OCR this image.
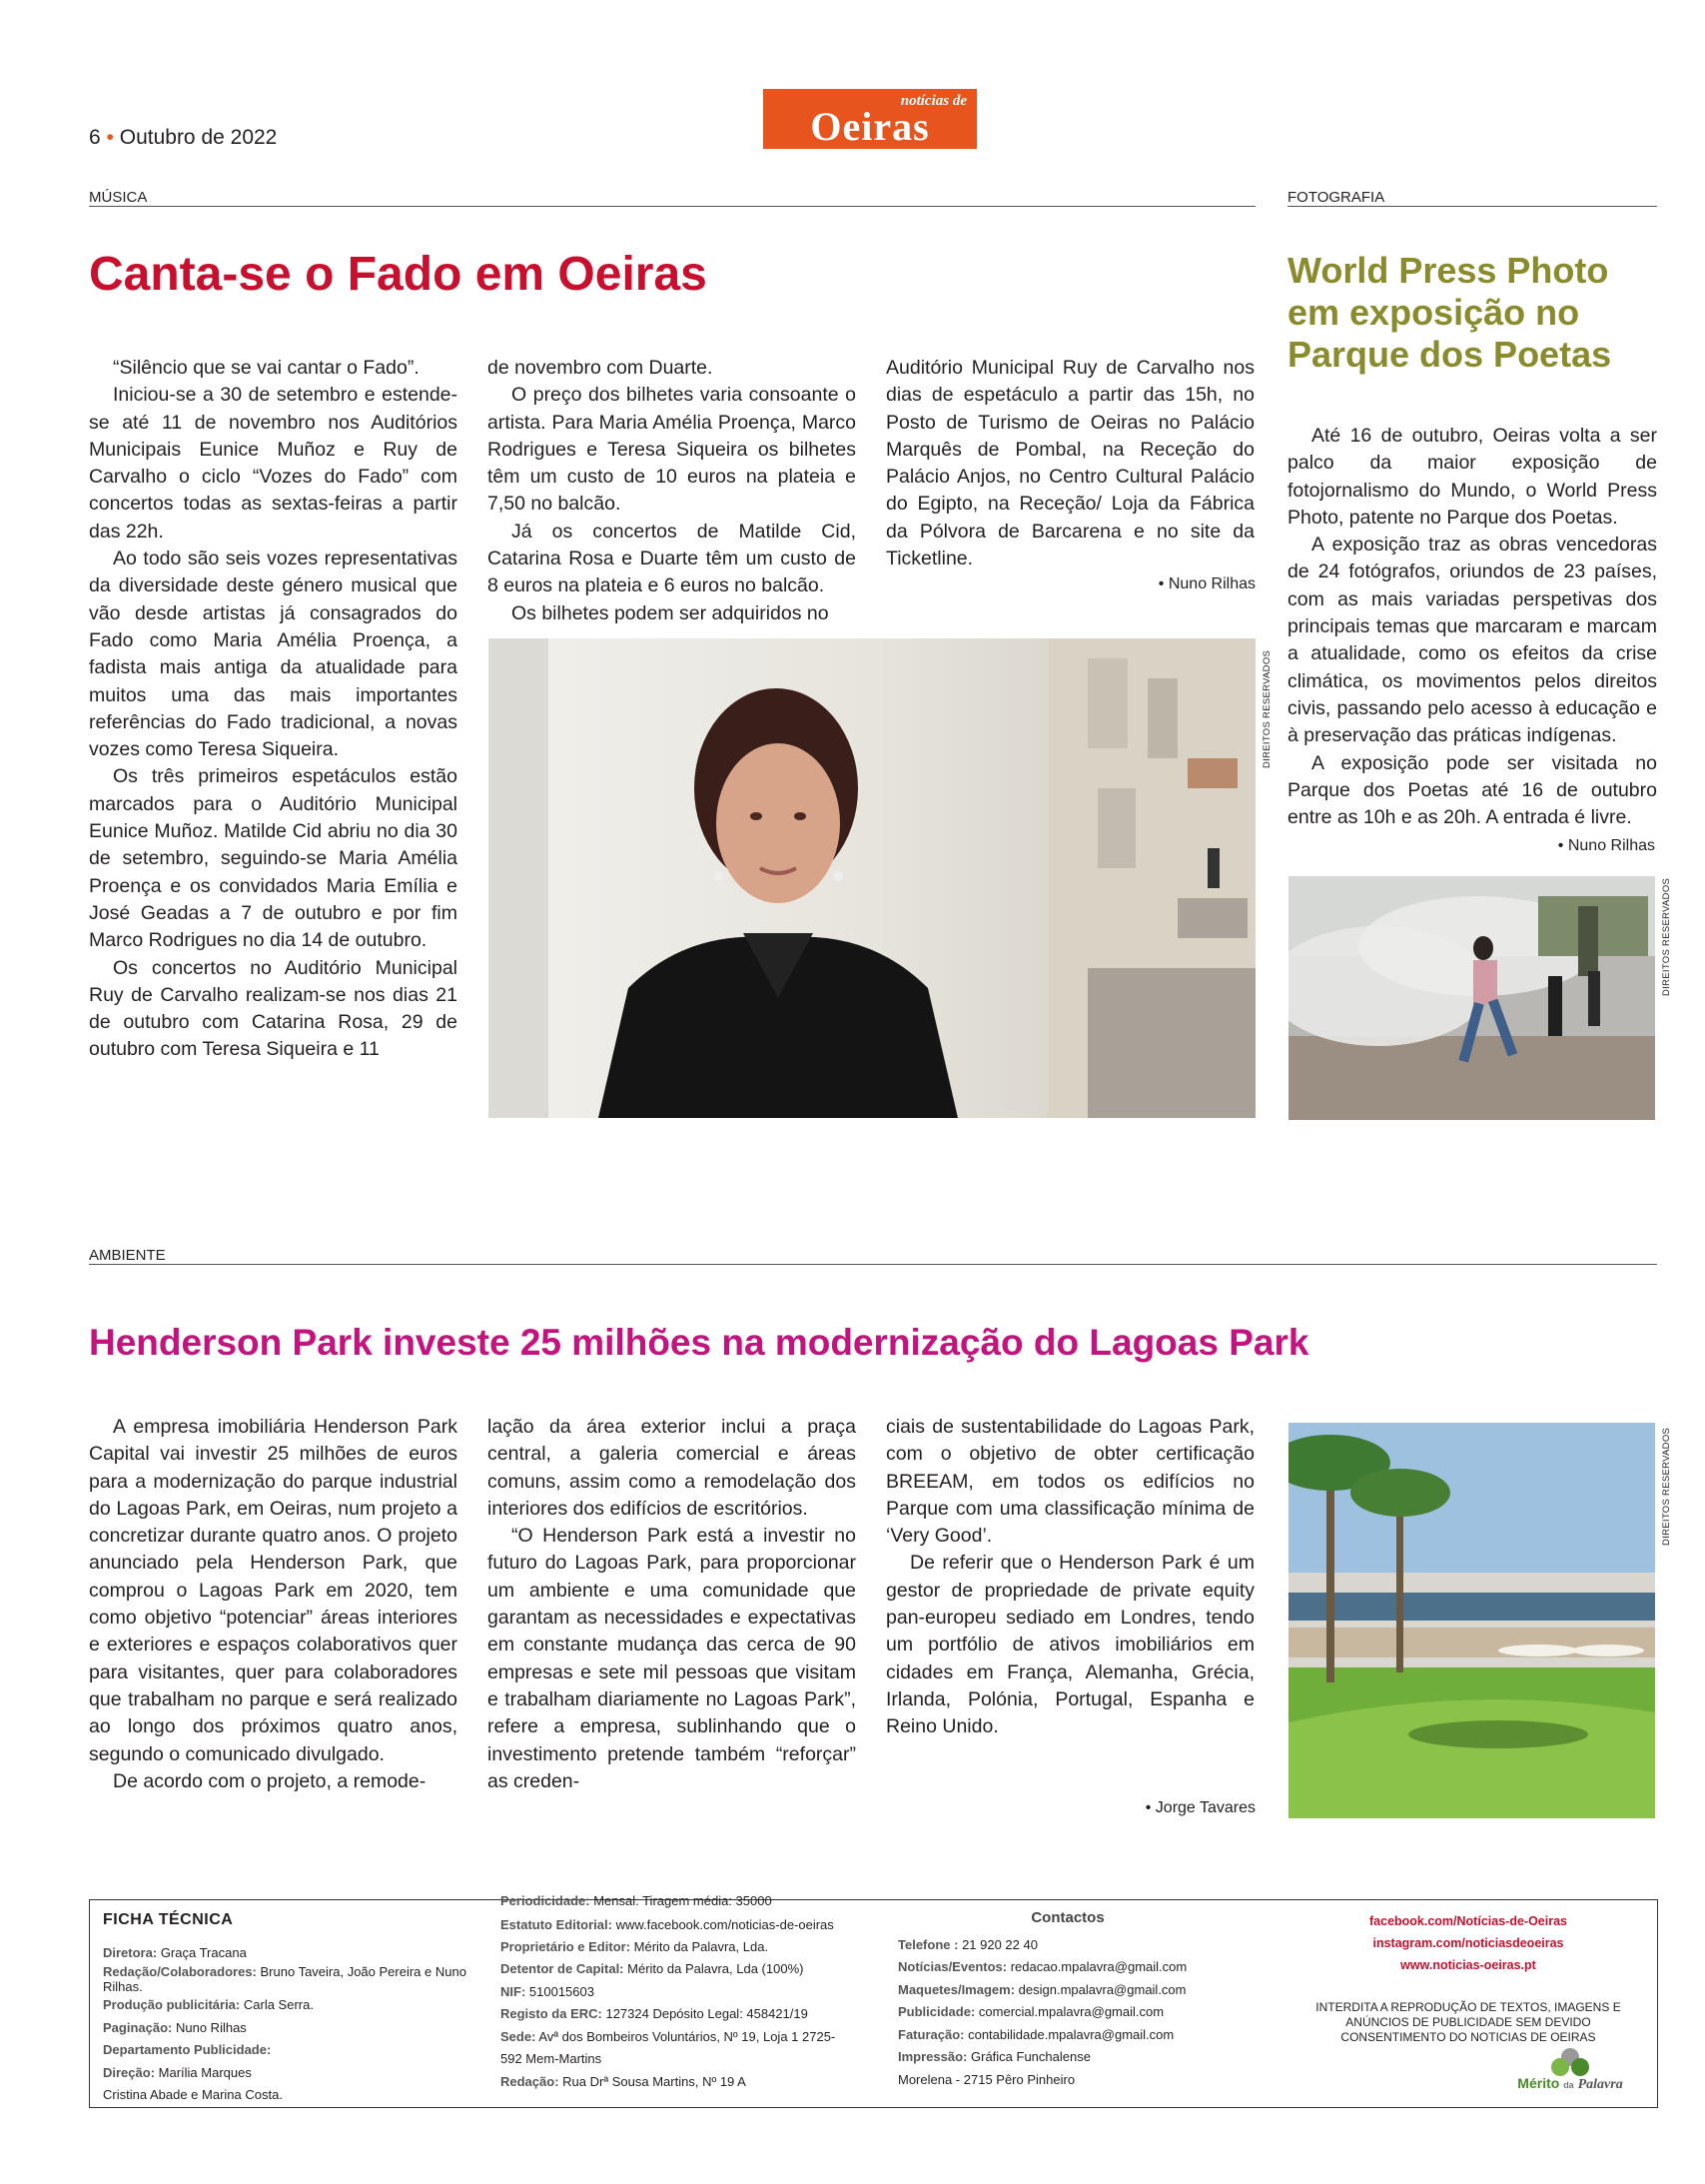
6 • Outubro de 2022
notícias de
Oeiras
MÚSICA
Canta-se o Fado em Oeiras

“Silêncio que se vai cantar o Fado”.

Iniciou-se a 30 de setembro e estende-se até 11 de novembro nos Auditórios Municipais Eunice Muñoz e Ruy de Carvalho o ciclo “Vozes do Fado” com concertos todas as sextas-feiras a partir das 22h.

Ao todo são seis vozes representativas da diversidade deste género musical que vão desde artistas já consagrados do Fado como Maria Amélia Proença, a fadista mais antiga da atualidade para muitos uma das mais importantes referências do Fado tradicional, a novas vozes como Teresa Siqueira.

Os três primeiros espetáculos estão marcados para o Auditório Municipal Eunice Muñoz. Matilde Cid abriu no dia 30 de setembro, seguindo-se Maria Amélia Proença e os convidados Maria Emília e José Geadas a 7 de outubro e por fim Marco Rodrigues no dia 14 de outubro.

Os concertos no Auditório Municipal Ruy de Carvalho realizam-se nos dias 21 de outubro com Catarina Rosa, 29 de outubro com Teresa Siqueira e 11

de novembro com Duarte.

O preço dos bilhetes varia consoante o artista. Para Maria Amélia Proença, Marco Rodrigues e Teresa Siqueira os bilhetes têm um custo de 10 euros na plateia e 7,50 no balcão.

Já os concertos de Matilde Cid, Catarina Rosa e Duarte têm um custo de 8 euros na plateia e 6 euros no balcão.

Os bilhetes podem ser adquiridos no

Auditório Municipal Ruy de Carvalho nos dias de espetáculo a partir das 15h, no Posto de Turismo de Oeiras no Palácio Marquês de Pombal, na Receção do Palácio Anjos, no Centro Cultural Palácio do Egipto, na Receção/ Loja da Fábrica da Pólvora de Barcarena e no site da Ticketline.

• Nuno Rilhas
DIREITOS RESERVADOS
FOTOGRAFIA
World Press Photo em exposição no Parque dos Poetas

Até 16 de outubro, Oeiras volta a ser palco da maior exposição de fotojornalismo do Mundo, o World Press Photo, patente no Parque dos Poetas.

A exposição traz as obras vencedoras de 24 fotógrafos, oriundos de 23 países, com as mais variadas perspetivas dos principais temas que marcaram e marcam a atualidade, como os efeitos da crise climática, os movimentos pelos direitos civis, passando pelo acesso à educação e à preservação das práticas indígenas.

A exposição pode ser visitada no Parque dos Poetas até 16 de outubro entre as 10h e as 20h. A entrada é livre.

• Nuno Rilhas
DIREITOS RESERVADOS
AMBIENTE
Henderson Park investe 25 milhões na modernização do Lagoas Park

A empresa imobiliária Henderson Park Capital vai investir 25 milhões de euros para a modernização do parque industrial do Lagoas Park, em Oeiras, num projeto a concretizar durante quatro anos. O projeto anunciado pela Henderson Park, que comprou o Lagoas Park em 2020, tem como objetivo “potenciar” áreas interiores e exteriores e espaços colaborativos quer para visitantes, quer para colaboradores que trabalham no parque e será realizado ao longo dos próximos quatro anos, segundo o comunicado divulgado.

De acordo com o projeto, a remode-

lação da área exterior inclui a praça central, a galeria comercial e áreas comuns, assim como a remodelação dos interiores dos edifícios de escritórios.

“O Henderson Park está a investir no futuro do Lagoas Park, para proporcionar um ambiente e uma comunidade que garantam as necessidades e expectativas em constante mudança das cerca de 90 empresas e sete mil pessoas que visitam e trabalham diariamente no Lagoas Park”, refere a empresa, sublinhando que o investimento pretende também “reforçar” as creden-

ciais de sustentabilidade do Lagoas Park, com o objetivo de obter certificação BREEAM, em todos os edifícios no Parque com uma classificação mínima de ‘Very Good’.

De referir que o Henderson Park é um gestor de propriedade de private equity pan-europeu sediado em Londres, tendo um portfólio de ativos imobiliários em cidades em França, Alemanha, Grécia, Irlanda, Polónia, Portugal, Espanha e Reino Unido.

• Jorge Tavares
DIREITOS RESERVADOS
FICHA TÉCNICA
Diretora: Graça Tracana
Redação/Colaboradores: Bruno Taveira, João Pereira e Nuno Rilhas.
Produção publicitária: Carla Serra.
Paginação: Nuno Rilhas
Departamento Publicidade:
Direção: Marília Marques
Cristina Abade e Marina Costa.
Periodicidade: Mensal. Tiragem média: 35000
Estatuto Editorial: www.facebook.com/noticias-de-oeiras
Proprietário e Editor: Mérito da Palavra, Lda.
Detentor de Capital: Mérito da Palavra, Lda (100%)
NIF: 510015603
Registo da ERC: 127324 Depósito Legal: 458421/19
Sede: Avª dos Bombeiros Voluntários, Nº 19, Loja 1 2725-592 Mem-Martins
Redação: Rua Drª Sousa Martins, Nº 19 A
Contactos
Telefone : 21 920 22 40
Notícias/Eventos: redacao.mpalavra@gmail.com
Maquetes/Imagem: design.mpalavra@gmail.com
Publicidade: comercial.mpalavra@gmail.com
Faturação: contabilidade.mpalavra@gmail.com
Impressão: Gráfica Funchalense
Morelena - 2715 Pêro Pinheiro
facebook.com/Notícias-de-Oeiras
instagram.com/noticiasdeoeiras
www.noticias-oeiras.pt
INTERDITA A REPRODUÇÃO DE TEXTOS, IMAGENS E ANÚNCIOS DE PUBLICIDADE SEM DEVIDO CONSENTIMENTO DO NOTICIAS DE OEIRAS
Mérito da Palavra
